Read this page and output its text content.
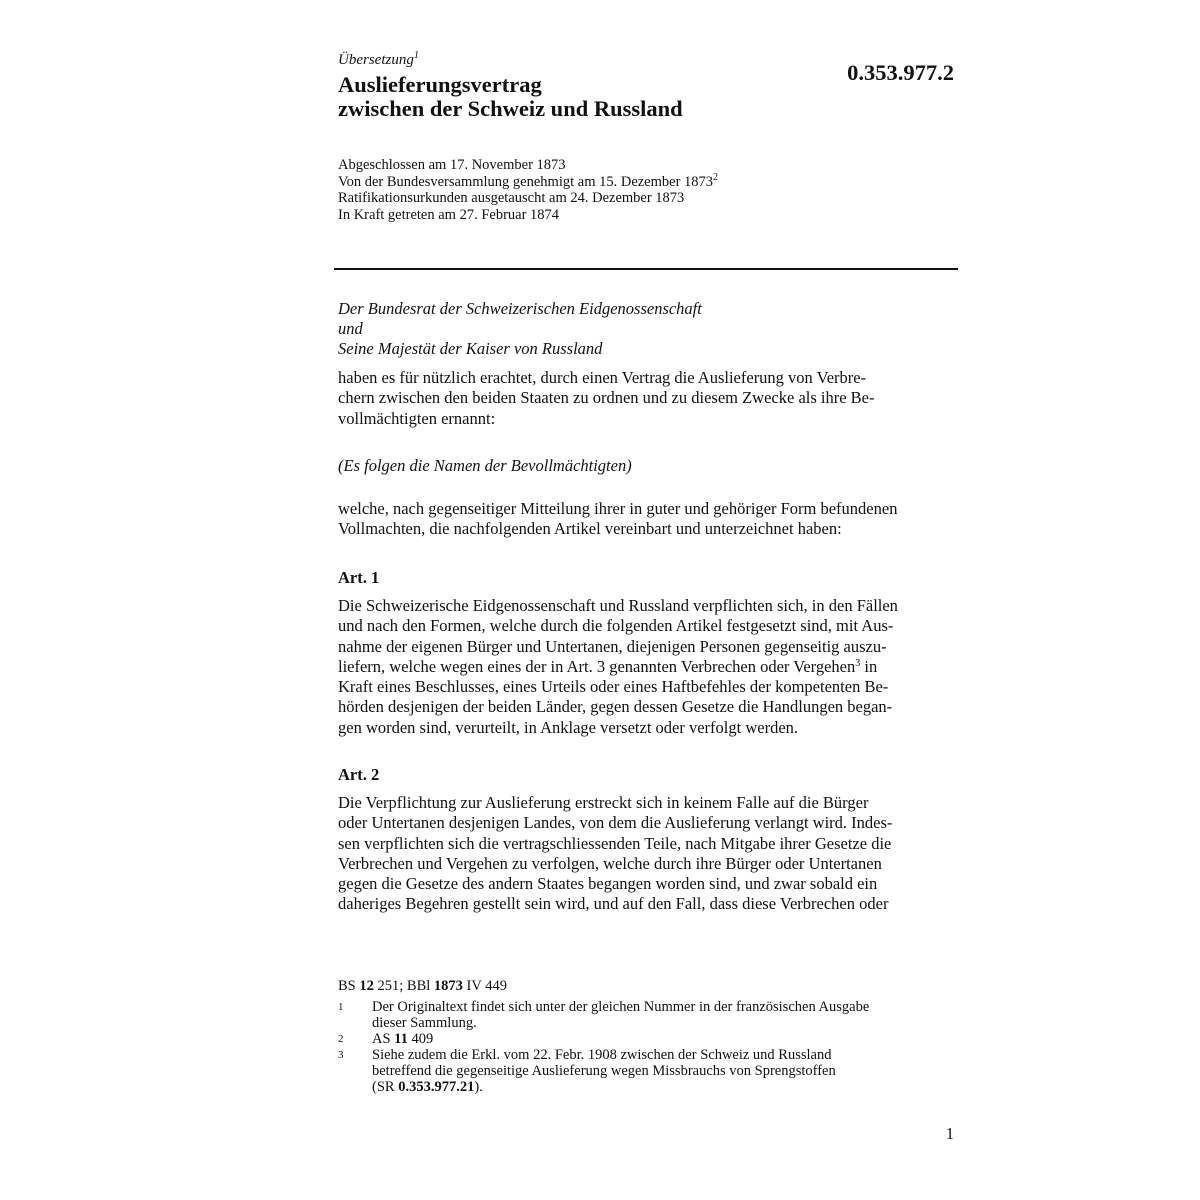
Übersetzung$^1$
Auslieferungsvertrag
zwischen der Schweiz und Russland
0.353.977.2
Abgeschlossen am 17. November 1873
Von der Bundesversammlung genehmigt am 15. Dezember 1873$^2$
Ratifikationsurkunden ausgetauscht am 24. Dezember 1873
In Kraft getreten am 27. Februar 1874
Der Bundesrat der Schweizerischen Eidgenossenschaft
und
Seine Majestät der Kaiser von Russland
haben es für nützlich erachtet, durch einen Vertrag die Auslieferung von Verbre-
chern zwischen den beiden Staaten zu ordnen und zu diesem Zwecke als ihre Be-
vollmächtigten ernannt:
(Es folgen die Namen der Bevollmächtigten)
welche, nach gegenseitiger Mitteilung ihrer in guter und gehöriger Form befundenen
Vollmachten, die nachfolgenden Artikel vereinbart und unterzeichnet haben:
Art. 1
Die Schweizerische Eidgenossenschaft und Russland verpflichten sich, in den Fällen
und nach den Formen, welche durch die folgenden Artikel festgesetzt sind, mit Aus-
nahme der eigenen Bürger und Untertanen, diejenigen Personen gegenseitig auszu-
liefern, welche wegen eines der in Art. 3 genannten Verbrechen oder Vergehen$^3$ in
Kraft eines Beschlusses, eines Urteils oder eines Haftbefehles der kompetenten Be-
hörden desjenigen der beiden Länder, gegen dessen Gesetze die Handlungen began-
gen worden sind, verurteilt, in Anklage versetzt oder verfolgt werden.
Art. 2
Die Verpflichtung zur Auslieferung erstreckt sich in keinem Falle auf die Bürger
oder Untertanen desjenigen Landes, von dem die Auslieferung verlangt wird. Indes-
sen verpflichten sich die vertragschliessenden Teile, nach Mitgabe ihrer Gesetze die
Verbrechen und Vergehen zu verfolgen, welche durch ihre Bürger oder Untertanen
gegen die Gesetze des andern Staates begangen worden sind, und zwar sobald ein
dahеriges Begehren gestellt sein wird, und auf den Fall, dass diese Verbrechen oder
BS 12 251; BBl 1873 IV 449
1 Der Originaltext findet sich unter der gleichen Nummer in der französischen Ausgabe
dieser Sammlung.
2 AS 11 409
3 Siehe zudem die Erkl. vom 22. Febr. 1908 zwischen der Schweiz und Russland
betreffend die gegenseitige Auslieferung wegen Missbrauchs von Sprengstoffen
(SR 0.353.977.21).
1
